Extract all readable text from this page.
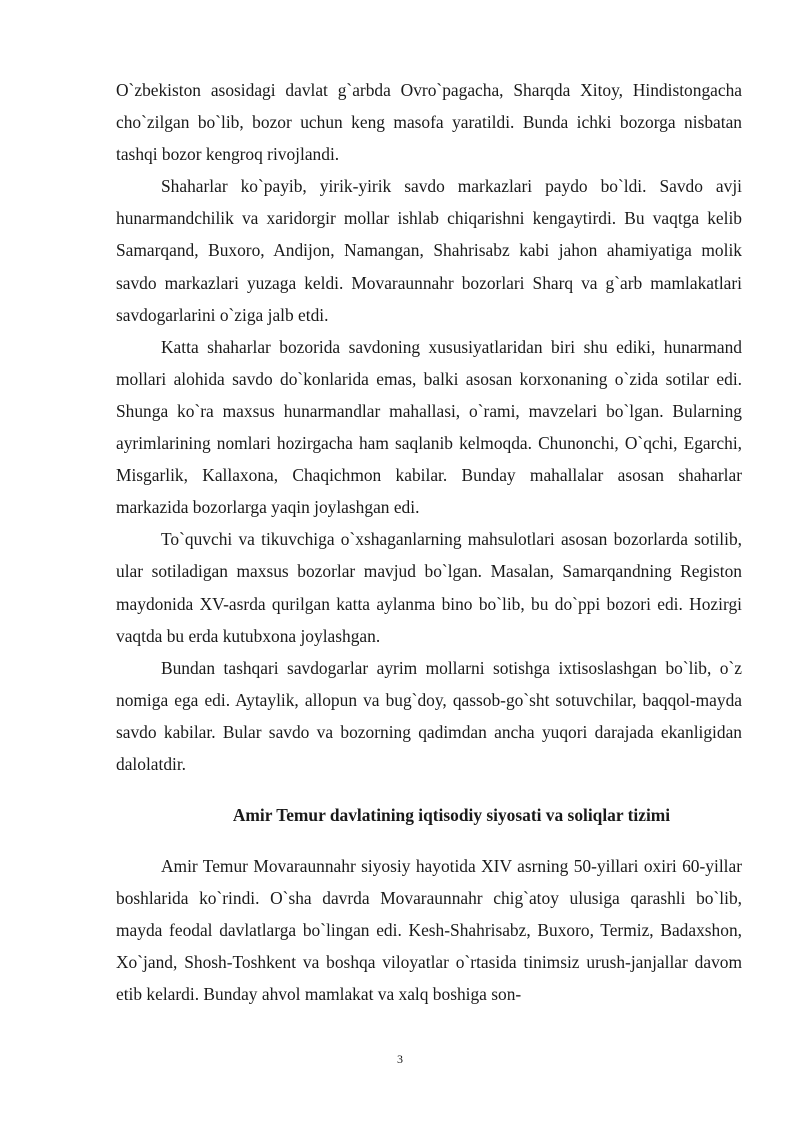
O`zbekiston asosidagi davlat g`arbda Ovro`pagacha, Sharqda Xitoy, Hindistongacha cho`zilgan bo`lib, bozor uchun keng masofa yaratildi. Bunda ichki bozorga nisbatan tashqi bozor kengroq rivojlandi.

Shaharlar ko`payib, yirik-yirik savdo markazlari paydo bo`ldi. Savdo avji hunarmandchilik va xaridorgir mollar ishlab chiqarishni kengaytirdi. Bu vaqtga kelib Samarqand, Buxoro, Andijon, Namangan, Shahrisabz kabi jahon ahamiyatiga molik savdo markazlari yuzaga keldi. Movaraunnahr bozorlari Sharq va g`arb mamlakatlari savdogarlarini o`ziga jalb etdi.

Katta shaharlar bozorida savdoning xususiyatlaridan biri shu ediki, hunarmand mollari alohida savdo do`konlarida emas, balki asosan korxonaning o`zida sotilar edi. Shunga ko`ra maxsus hunarmandlar mahallasi, o`rami, mavzelari bo`lgan. Bularning ayrimlarining nomlari hozirgacha ham saqlanib kelmoqda. Chunonchi, O`qchi, Egarchi, Misgarlik, Kallaxona, Chaqichmon kabilar. Bunday mahallalar asosan shaharlar markazida bozorlarga yaqin joylashgan edi.

To`quvchi va tikuvchiga o`xshaganlarning mahsulotlari asosan bozorlarda sotilib, ular sotiladigan maxsus bozorlar mavjud bo`lgan. Masalan, Samarqandning Registon maydonida XV-asrda qurilgan katta aylanma bino bo`lib, bu do`ppi bozori edi. Hozirgi vaqtda bu erda kutubxona joylashgan.

Bundan tashqari savdogarlar ayrim mollarni sotishga ixtisoslashgan bo`lib, o`z nomiga ega edi. Aytaylik, allopun va bug`doy, qassob-go`sht sotuvchilar, baqqol-mayda savdo kabilar. Bular savdo va bozorning qadimdan ancha yuqori darajada ekanligidan dalolatdir.

Amir Temur davlatining iqtisodiy siyosati va soliqlar tizimi

Amir Temur Movaraunnahr siyosiy hayotida XIV asrning 50-yillari oxiri 60-yillar boshlarida ko`rindi. O`sha davrda Movaraunnahr chig`atoy ulusiga qarashli bo`lib, mayda feodal davlatlarga bo`lingan edi. Kesh-Shahrisabz, Buxoro, Termiz, Badaxshon, Xo`jand, Shosh-Toshkent va boshqa viloyatlar o`rtasida tinimsiz urush-janjallar davom etib kelardi. Bunday ahvol mamlakat va xalq boshiga son-

3
